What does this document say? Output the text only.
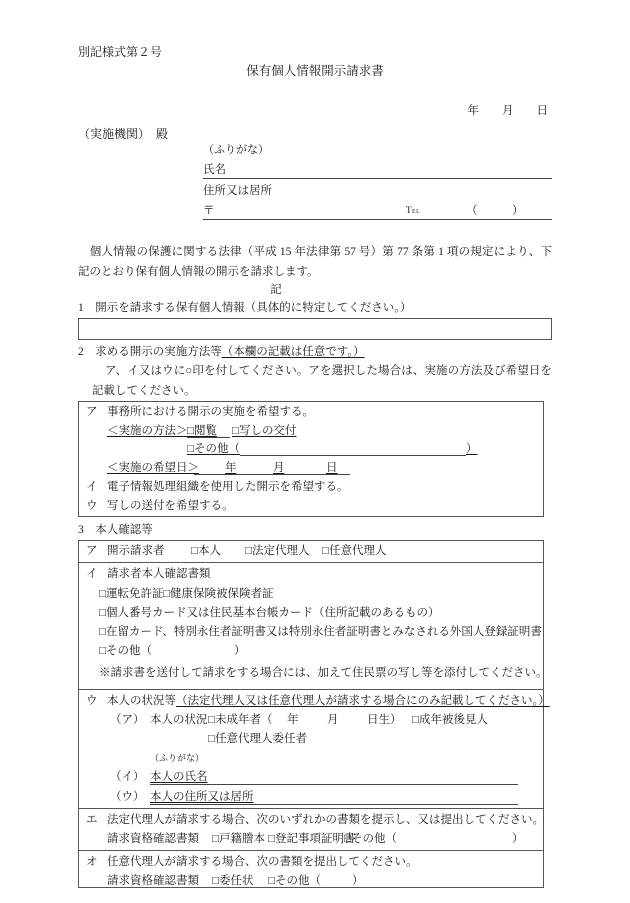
別記様式第２号
保有個人情報開示請求書
年　　月　　日
（実施機関）　殿
（ふりがな）
氏名
住所又は居所
〒	Tel	（	）
　個人情報の保護に関する法律（平成 15 年法律第 57 号）第 77 条第 1 項の規定により、下記のとおり保有個人情報の開示を請求します。
記
1　開示を請求する保有個人情報（具体的に特定してください。）
2　求める開示の実施方法等（本欄の記載は任意です。）
ア、イ又はウに○印を付してください。アを選択した場合は、実施の方法及び希望日を記載してください。
ア 事務所における開示の実施を希望する。
＜実施の方法＞ □閲覧 □写しの交付
□その他（	）
＜実施の希望日＞ 年	月	日
イ 電子情報処理組織を使用した開示を希望する。
ウ 写しの送付を希望する。
3　本人確認等
ア 開示請求者 □本人 □法定代理人 □任意代理人
イ 請求者本人確認書類
□運転免許証 □健康保険被保険者証
□個人番号カード又は住民基本台帳カード（住所記載のあるもの）
□在留カード、特別永住者証明書又は特別永住者証明書とみなされる外国人登録証明書
□その他（	）
※請求書を送付して請求をする場合には、加えて住民票の写し等を添付してください。
ウ 本人の状況等（法定代理人又は任意代理人が請求する場合にのみ記載してください。）
（ア） 本人の状況 □未成年者（ 年 月 日生） □成年被後見人
□任意代理人委任者
（ふりがな）
（イ） 本人の氏名
（ウ） 本人の住所又は居所
エ 法定代理人が請求する場合、次のいずれかの書類を提示し、又は提出してください。
請求資格確認書類 □戸籍謄本 □登記事項証明書
□その他（	）
オ 任意代理人が請求する場合、次の書類を提出してください。
請求資格確認書類 □委任状 □その他（	）
